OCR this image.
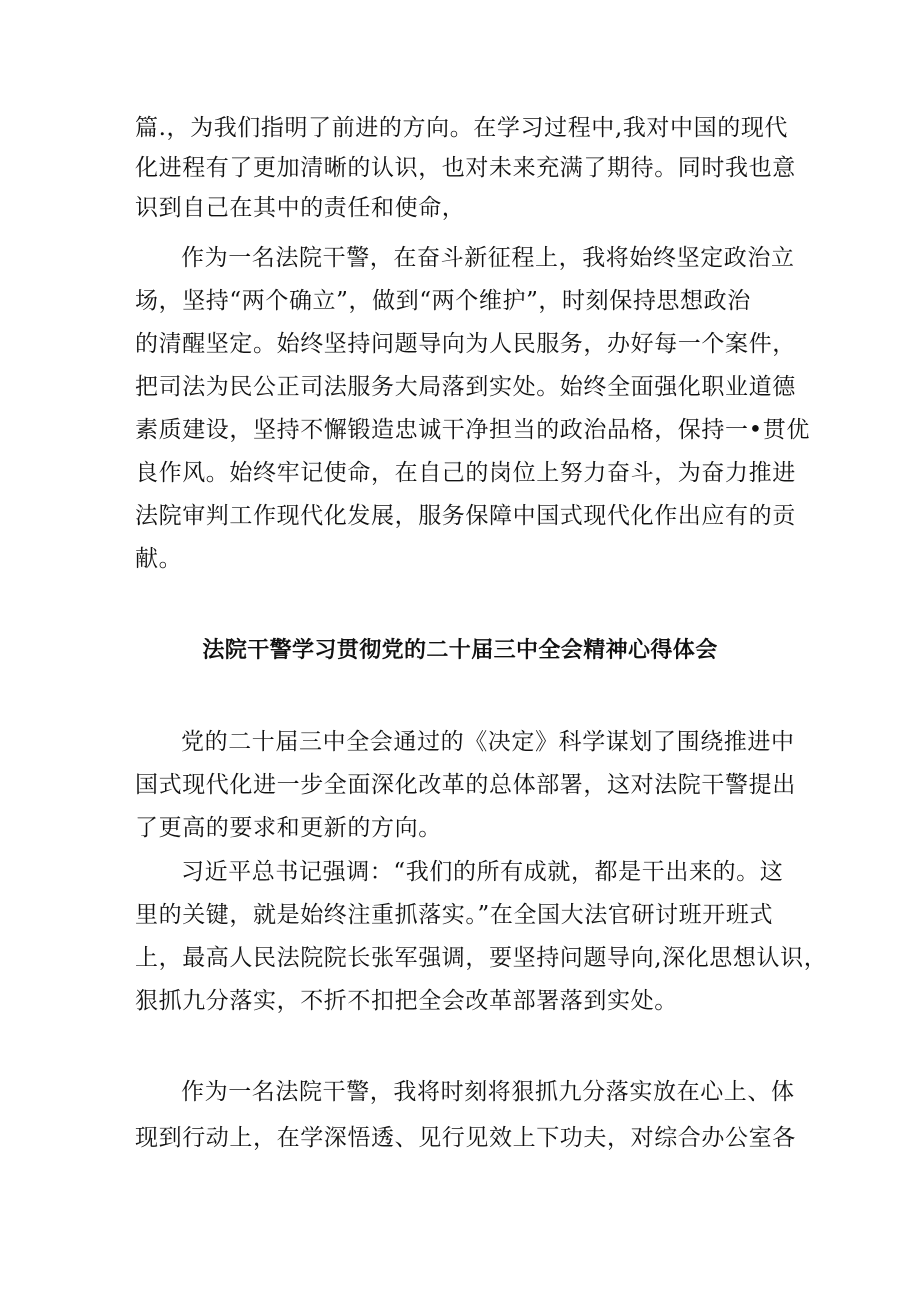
篇.，为我们指明了前进的方向。在学习过程中,我对中国的现代
化进程有了更加清晰的认识，也对未来充满了期待。同时我也意
识到自己在其中的责任和使命，
作为一名法院干警，在奋斗新征程上，我将始终坚定政治立
场，坚持“两个确立”，做到“两个维护”，时刻保持思想政治
的清醒坚定。始终坚持问题导向为人民服务，办好每一个案件，
把司法为民公正司法服务大局落到实处。始终全面强化职业道德
素质建设，坚持不懈锻造忠诚干净担当的政治品格，保持一•贯优
良作风。始终牢记使命，在自己的岗位上努力奋斗，为奋力推进
法院审判工作现代化发展，服务保障中国式现代化作出应有的贡
献。
法院干警学习贯彻党的二十届三中全会精神心得体会
党的二十届三中全会通过的《决定》科学谋划了围绕推进中
国式现代化进一步全面深化改革的总体部署，这对法院干警提出
了更高的要求和更新的方向。
习近平总书记强调：“我们的所有成就，都是干出来的。这
里的关键，就是始终注重抓落实。”在全国大法官研讨班开班式
上，最高人民法院院长张军强调，要坚持问题导向,深化思想认识，
狠抓九分落实，不折不扣把全会改革部署落到实处。
作为一名法院干警，我将时刻将狠抓九分落实放在心上、体
现到行动上，在学深悟透、见行见效上下功夫，对综合办公室各
